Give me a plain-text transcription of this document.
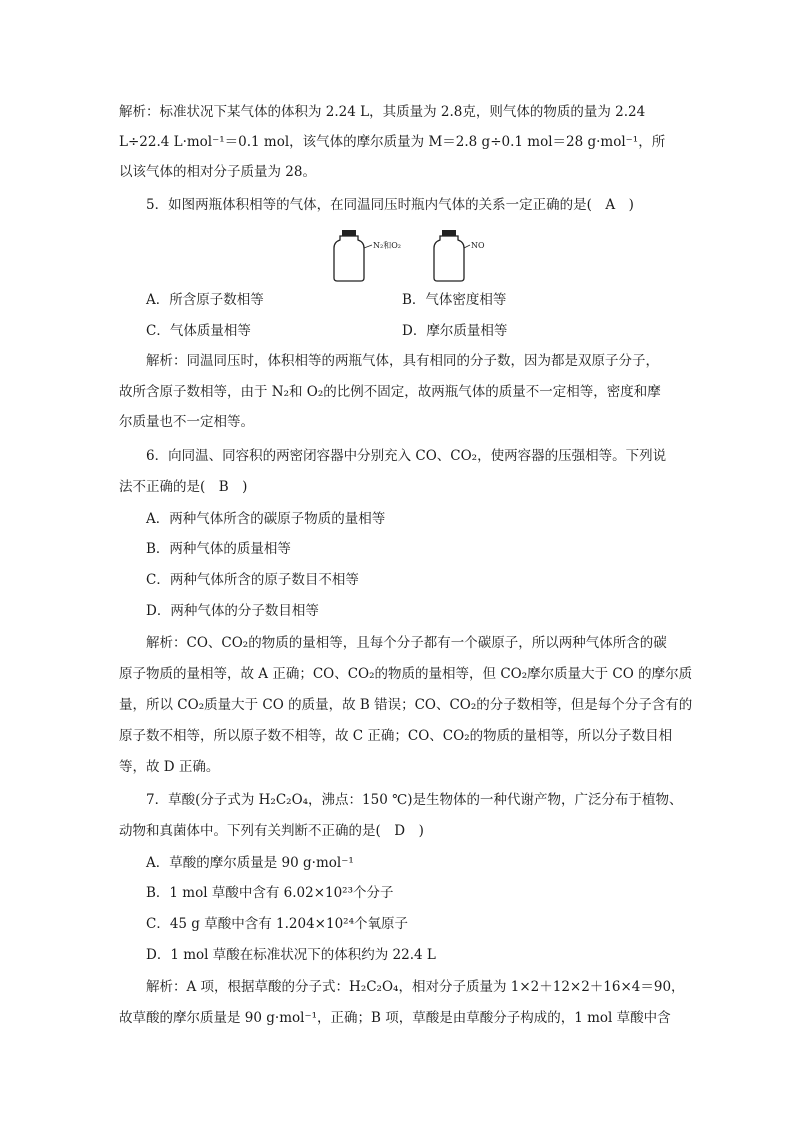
解析：标准状况下某气体的体积为 2.24 L，其质量为 2.8克，则气体的物质的量为 2.24
L÷22.4 L·mol⁻¹＝0.1 mol，该气体的摩尔质量为 M＝2.8 g÷0.1 mol＝28 g·mol⁻¹，所
以该气体的相对分子质量为 28。
5．如图两瓶体积相等的气体，在同温同压时瓶内气体的关系一定正确的是(　A　)
N₂和O₂	NO
A．所含原子数相等	B．气体密度相等
C．气体质量相等	D．摩尔质量相等
解析：同温同压时，体积相等的两瓶气体，具有相同的分子数，因为都是双原子分子，
故所含原子数相等，由于 N₂和 O₂的比例不固定，故两瓶气体的质量不一定相等，密度和摩
尔质量也不一定相等。
6．向同温、同容积的两密闭容器中分别充入 CO、CO₂，使两容器的压强相等。下列说
法不正确的是(　B　)
A．两种气体所含的碳原子物质的量相等
B．两种气体的质量相等
C．两种气体所含的原子数目不相等
D．两种气体的分子数目相等
解析：CO、CO₂的物质的量相等，且每个分子都有一个碳原子，所以两种气体所含的碳
原子物质的量相等，故 A 正确；CO、CO₂的物质的量相等，但 CO₂摩尔质量大于 CO 的摩尔质
量，所以 CO₂质量大于 CO 的质量，故 B 错误；CO、CO₂的分子数相等，但是每个分子含有的
原子数不相等，所以原子数不相等，故 C 正确；CO、CO₂的物质的量相等，所以分子数目相
等，故 D 正确。
7．草酸(分子式为 H₂C₂O₄，沸点：150 ℃)是生物体的一种代谢产物，广泛分布于植物、
动物和真菌体中。下列有关判断不正确的是(　D　)
A．草酸的摩尔质量是 90 g·mol⁻¹
B．1 mol 草酸中含有 6.02×10²³个分子
C．45 g 草酸中含有 1.204×10²⁴个氧原子
D．1 mol 草酸在标准状况下的体积约为 22.4 L
解析：A 项，根据草酸的分子式：H₂C₂O₄，相对分子质量为 1×2＋12×2＋16×4＝90，
故草酸的摩尔质量是 90 g·mol⁻¹，正确；B 项，草酸是由草酸分子构成的，1 mol 草酸中含
